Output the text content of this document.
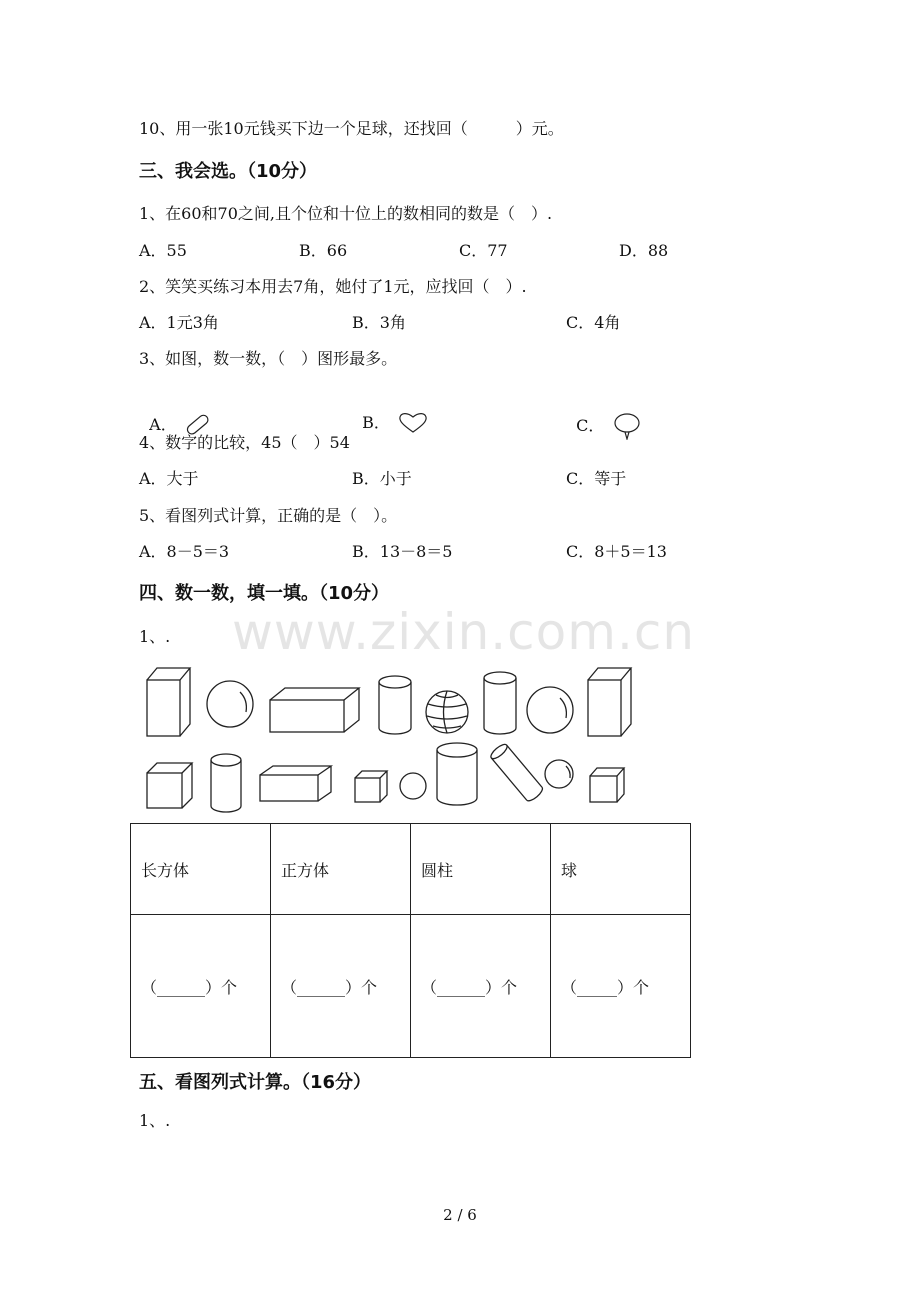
10、用一张10元钱买下边一个足球，还找回（　　　）元。
三、我会选。（10分）
1、在60和70之间,且个位和十位上的数相同的数是（　）.
A．55	B．66	C．77	D．88
2、笑笑买练习本用去7角，她付了1元，应找回（　）.
A．1元3角	B．3角	C．4角
3、如图，数一数，（　）图形最多。

A．

	B．

	C．

4、数字的比较，45（　）54
A．大于	B．小于	C．等于
5、看图列式计算，正确的是（　）。
A．8－5＝3	B．13－8＝5	C．8＋5＝13
四、数一数，填一填。（10分）
1、. www.zixin.com.cn
长方体	正方体	圆柱	球
（______）个	（______）个	（______）个	（_____）个
五、看图列式计算。（16分）
1、.
2 / 6
